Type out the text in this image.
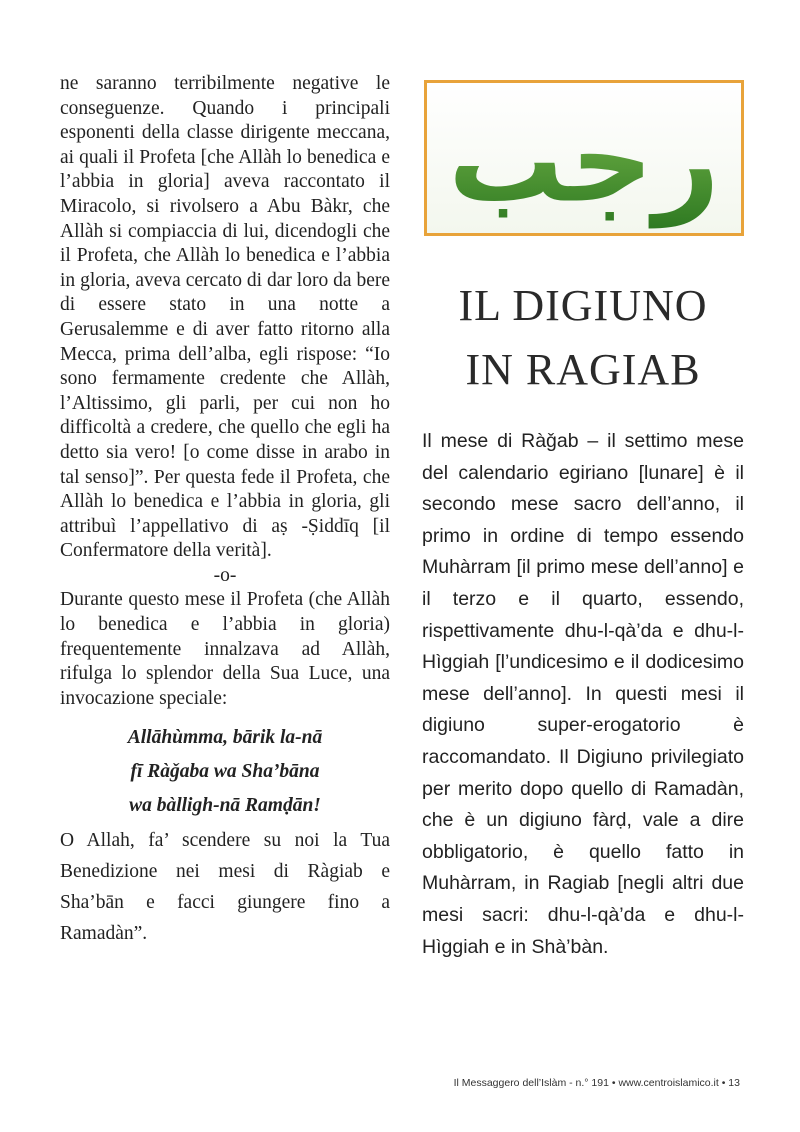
ne saranno terribilmente negative le conseguenze. Quando i principali esponenti della classe dirigente meccana, ai quali il Profeta [che Allàh lo benedica e l’abbia in gloria] aveva raccontato il Miracolo, si rivolsero a Abu Bàkr, che Allàh si compiaccia di lui, dicendogli che il Profeta, che Allàh lo benedica e l’abbia in gloria, aveva cercato di dar loro da bere di essere stato in una notte a Gerusalemme e di aver fatto ritorno alla Mecca, prima dell’alba, egli rispose: “Io sono fermamente credente che Allàh, l’Altissimo, gli parli, per cui non ho difficoltà a credere, che quello che egli ha detto sia vero! [o come disse in arabo in tal senso]”. Per questa fede il Profeta, che Allàh lo benedica e l’abbia in gloria, gli attribuì l’appellativo di aṣ -Ṣiddīq [il Confermatore della verità].

-o-

Durante questo mese il Profeta (che Allàh lo benedica e l’abbia in gloria) frequentemente innalzava ad Allàh, rifulga lo splendor della Sua Luce, una invocazione speciale:

Allāhùmma, bārik la-nā
fī Ràǧaba wa Sha’bāna
wa bàlligh-nā Ramḍān!

O Allah, fa’ scendere su noi la Tua Benedizione nei mesi di Ràgiab e Sha’bān e facci giungere fino a Ramadàn”.

رجب
IL DIGIUNO
IN RAGIAB

Il mese di Ràǧab – il settimo mese del calendario egiriano [lunare] è il secondo mese sacro dell’anno, il primo in ordine di tempo essendo Muhàrram [il primo mese dell’anno] e il terzo e il quarto, essendo, rispettivamente dhu-l-qà’da e dhu-l-Hìggiah [l’undicesimo e il dodicesimo mese dell’anno]. In questi mesi il digiuno super-erogatorio è raccomandato. Il Digiuno privilegiato per merito dopo quello di Ramadàn, che è un digiuno fàrḍ, vale a dire obbligatorio, è quello fatto in Muhàrram, in Ragiab [negli altri due mesi sacri: dhu-l-qà’da e dhu-l-Hìggiah e in Shà’bàn.

Il Messaggero dell’Islàm - n.° 191 • www.centroislamico.it • 13
